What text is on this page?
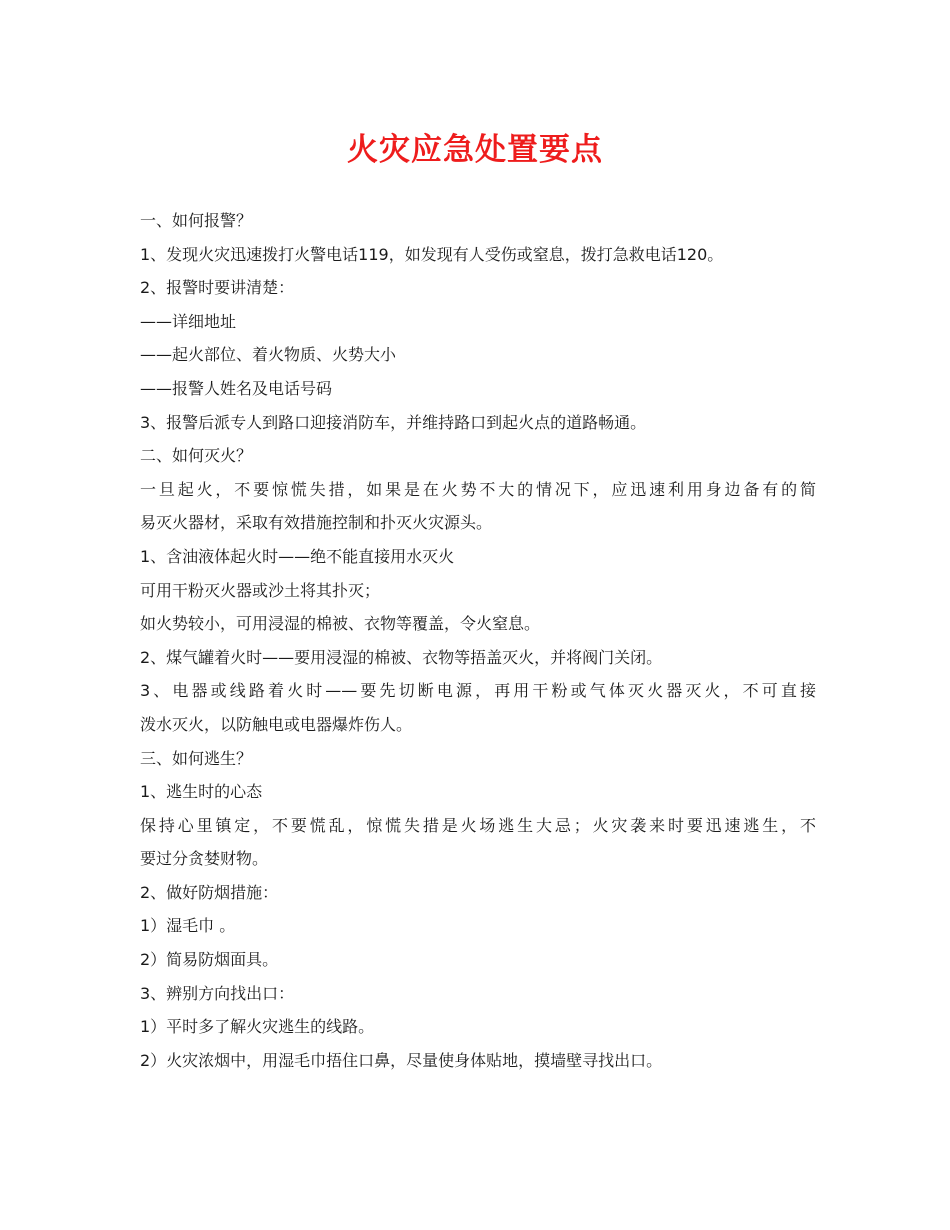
火灾应急处置要点
一、如何报警？
1、发现火灾迅速拨打火警电话119，如发现有人受伤或窒息，拨打急救电话120。
2、报警时要讲清楚：
——详细地址
——起火部位、着火物质、火势大小
——报警人姓名及电话号码
3、报警后派专人到路口迎接消防车，并维持路口到起火点的道路畅通。
二、如何灭火？
一旦起火，不要惊慌失措，如果是在火势不大的情况下，应迅速利用身边备有的简
易灭火器材，采取有效措施控制和扑灭火灾源头。
1、含油液体起火时——绝不能直接用水灭火
可用干粉灭火器或沙土将其扑灭；
如火势较小，可用浸湿的棉被、衣物等覆盖，令火窒息。
2、煤气罐着火时——要用浸湿的棉被、衣物等捂盖灭火，并将阀门关闭。
3、电器或线路着火时——要先切断电源，再用干粉或气体灭火器灭火，不可直接
泼水灭火，以防触电或电器爆炸伤人。
三、如何逃生？
1、逃生时的心态
保持心里镇定，不要慌乱，惊慌失措是火场逃生大忌；火灾袭来时要迅速逃生，不
要过分贪婪财物。
2、做好防烟措施：
1）湿毛巾 。
2）简易防烟面具。
3、辨别方向找出口：
1）平时多了解火灾逃生的线路。
2）火灾浓烟中，用湿毛巾捂住口鼻，尽量使身体贴地，摸墙壁寻找出口。
